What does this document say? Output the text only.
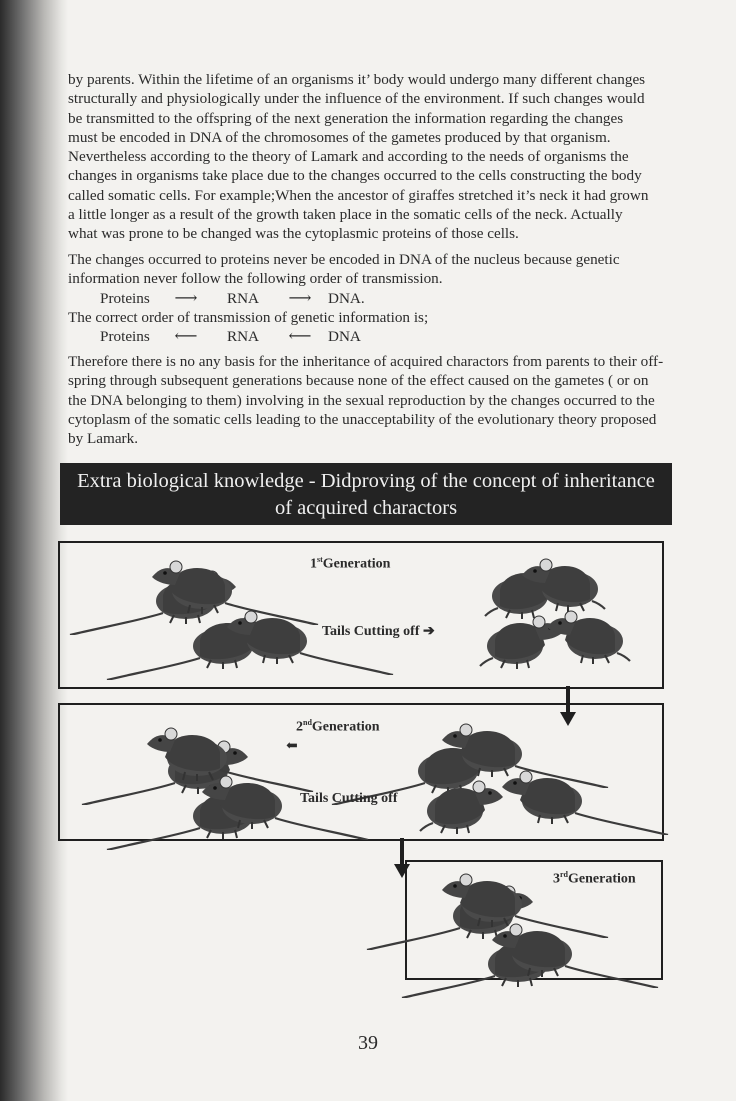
by parents. Within the lifetime of an organisms it’ body would undergo many different changes
structurally and physiologically under the influence of the environment. If such changes would
be transmitted to the offspring of the next generation the information regarding the changes
must be encoded in DNA of the chromosomes of the gametes produced by that organism.
Nevertheless according to the theory of Lamark and according to the needs of organisms the
changes in organisms take place due to the changes occurred to the cells constructing the body
called somatic cells. For example;When the ancestor of giraffes stretched it’s neck it had grown
a little longer as a result of the growth taken place in the somatic cells of the neck. Actually
what was prone to be changed was the cytoplasmic proteins of those cells.
The changes occurred to proteins never be encoded in DNA of the nucleus because genetic
information never follow the following order of transmission.
Proteins	⟶	RNA	⟶	DNA.
The correct order of transmission of genetic information is;
Proteins	⟵	RNA	⟵	DNA
Therefore there is no any basis for the inheritance of acquired charactors from parents to their off-
spring through subsequent generations because none of the effect caused on the gametes ( or on
the DNA belonging to them) involving in the sexual reproduction by the changes occurred to the
cytoplasm of the somatic cells leading to the unacceptability of the evolutionary theory proposed
by Lamark.
Extra biological knowledge - Didproving of the concept of inheritance
of acquired charactors
1stGeneration
Tails Cutting off ➔
2ndGeneration
⬅
Tails Cutting off
3rdGeneration
39
